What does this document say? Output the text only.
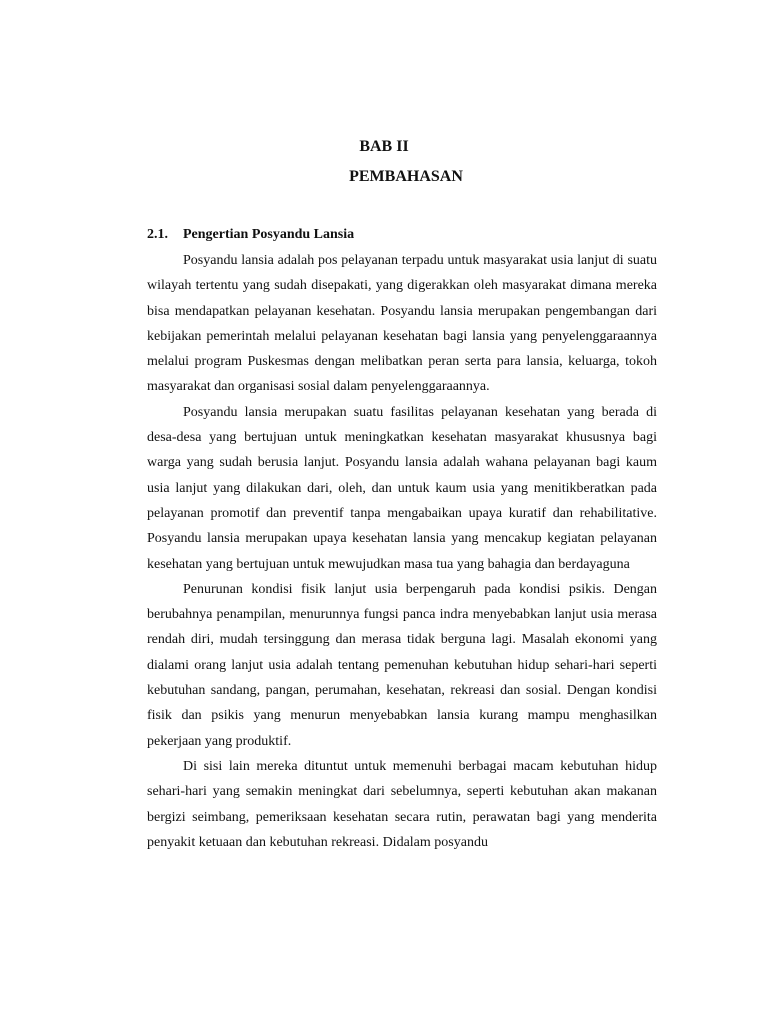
BAB II
PEMBAHASAN
2.1. Pengertian Posyandu Lansia

Posyandu lansia adalah pos pelayanan terpadu untuk masyarakat usia lanjut di suatu wilayah tertentu yang sudah disepakati, yang digerakkan oleh masyarakat dimana mereka bisa mendapatkan pelayanan kesehatan. Posyandu lansia merupakan pengembangan dari kebijakan pemerintah melalui pelayanan kesehatan bagi lansia yang penyelenggaraannya melalui program Puskesmas dengan melibatkan peran serta para lansia, keluarga, tokoh masyarakat dan organisasi sosial dalam penyelenggaraannya.

Posyandu lansia merupakan suatu fasilitas pelayanan kesehatan yang berada di desa-desa yang bertujuan untuk meningkatkan kesehatan masyarakat khususnya bagi warga yang sudah berusia lanjut. Posyandu lansia adalah wahana pelayanan bagi kaum usia lanjut yang dilakukan dari, oleh, dan untuk kaum usia yang menitikberatkan pada pelayanan promotif dan preventif tanpa mengabaikan upaya kuratif dan rehabilitative. Posyandu lansia merupakan upaya kesehatan lansia yang mencakup kegiatan pelayanan kesehatan yang bertujuan untuk mewujudkan masa tua yang bahagia dan berdayaguna

Penurunan kondisi fisik lanjut usia berpengaruh pada kondisi psikis. Dengan berubahnya penampilan, menurunnya fungsi panca indra menyebabkan lanjut usia merasa rendah diri, mudah tersinggung dan merasa tidak berguna lagi. Masalah ekonomi yang dialami orang lanjut usia adalah tentang pemenuhan kebutuhan hidup sehari-hari seperti kebutuhan sandang, pangan, perumahan, kesehatan, rekreasi dan sosial. Dengan kondisi fisik dan psikis yang menurun menyebabkan lansia kurang mampu menghasilkan pekerjaan yang produktif.

Di sisi lain mereka dituntut untuk memenuhi berbagai macam kebutuhan hidup sehari-hari yang semakin meningkat dari sebelumnya, seperti kebutuhan akan makanan bergizi seimbang, pemeriksaan kesehatan secara rutin, perawatan bagi yang menderita penyakit ketuaan dan kebutuhan rekreasi. Didalam posyandu
